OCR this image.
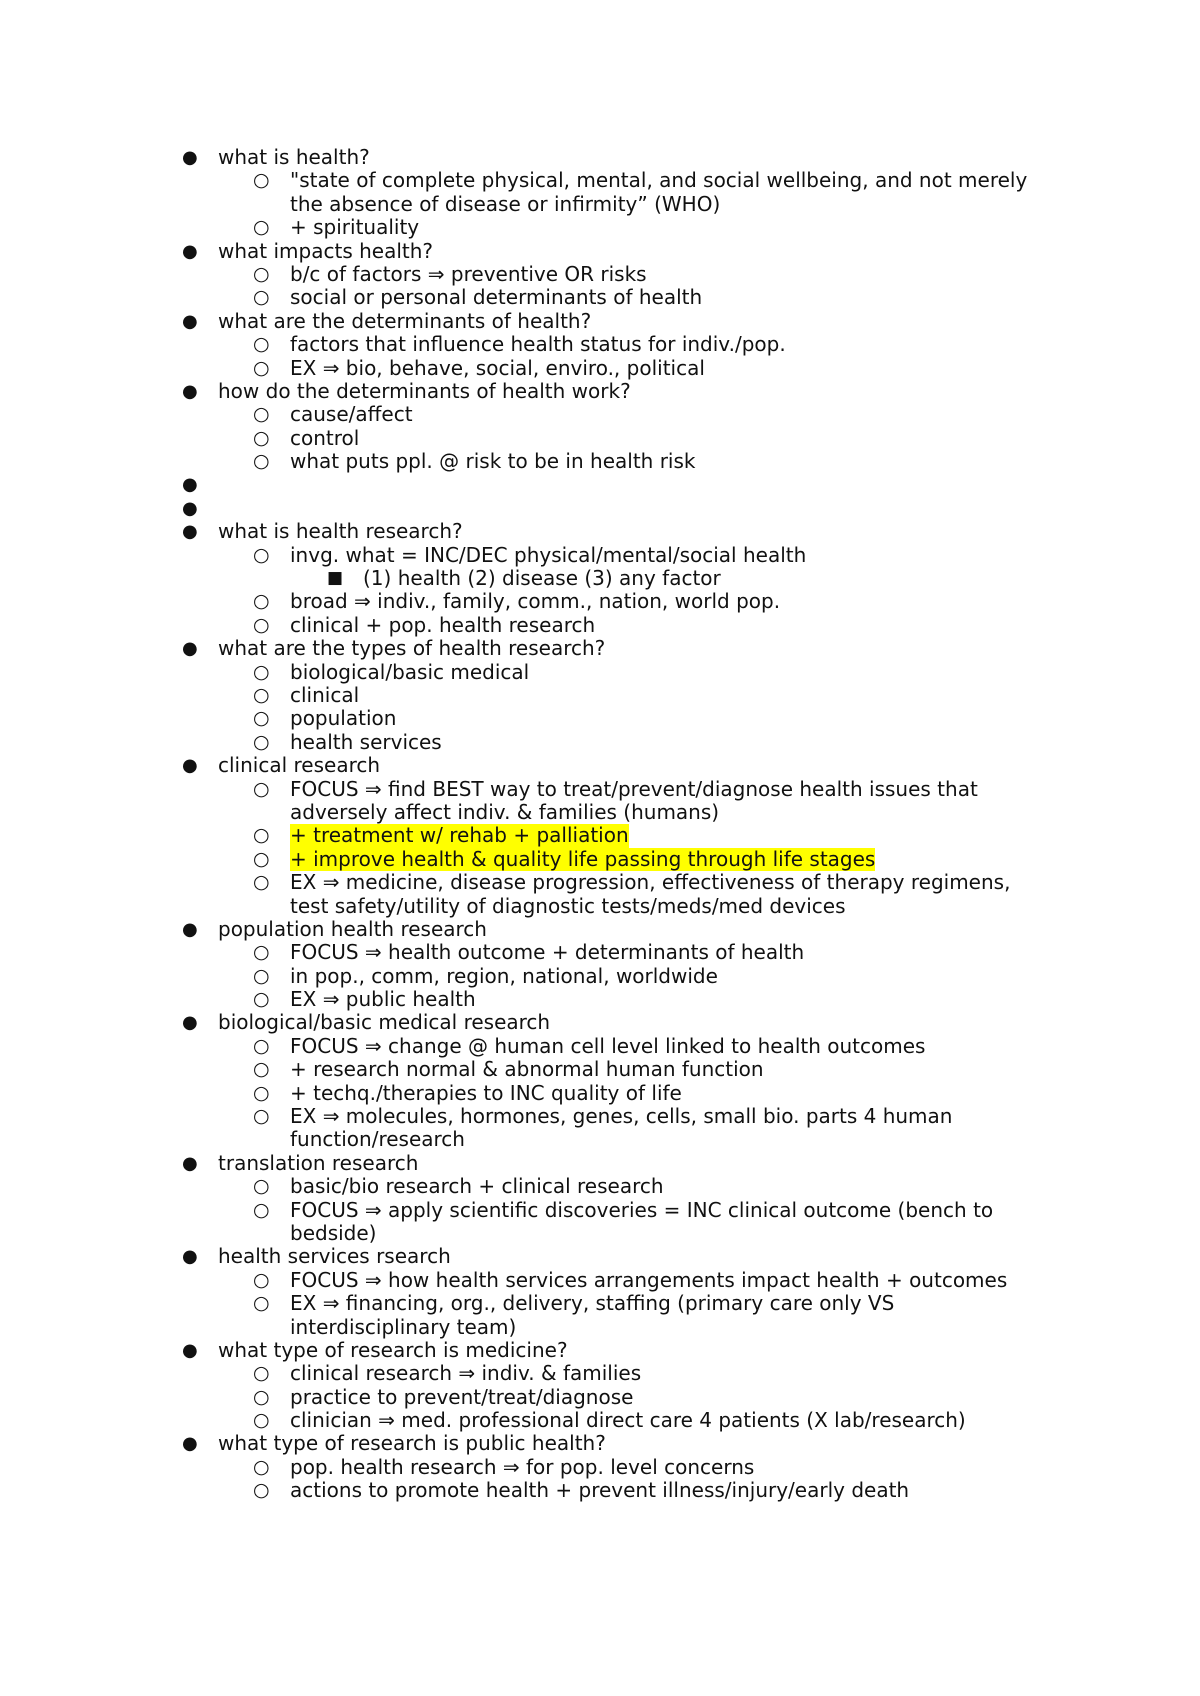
● what is health?
○ "state of complete physical, mental, and social wellbeing, and not merely
the absence of disease or infirmity” (WHO)
○ + spirituality
● what impacts health?
○ b/c of factors ⇒ preventive OR risks
○ social or personal determinants of health
● what are the determinants of health?
○ factors that influence health status for indiv./pop.
○ EX ⇒ bio, behave, social, enviro., political
● how do the determinants of health work?
○ cause/affect
○ control
○ what puts ppl. @ risk to be in health risk
●
●
● what is health research?
○ invg. what = INC/DEC physical/mental/social health
■ (1) health (2) disease (3) any factor
○ broad ⇒ indiv., family, comm., nation, world pop.
○ clinical + pop. health research
● what are the types of health research?
○ biological/basic medical
○ clinical
○ population
○ health services
● clinical research
○ FOCUS ⇒ find BEST way to treat/prevent/diagnose health issues that
adversely affect indiv. & families (humans)
○ + treatment w/ rehab + palliation
○ + improve health & quality life passing through life stages
○ EX ⇒ medicine, disease progression, effectiveness of therapy regimens,
test safety/utility of diagnostic tests/meds/med devices
● population health research
○ FOCUS ⇒ health outcome + determinants of health
○ in pop., comm, region, national, worldwide
○ EX ⇒ public health
● biological/basic medical research
○ FOCUS ⇒ change @ human cell level linked to health outcomes
○ + research normal & abnormal human function
○ + techq./therapies to INC quality of life
○ EX ⇒ molecules, hormones, genes, cells, small bio. parts 4 human
function/research
● translation research
○ basic/bio research + clinical research
○ FOCUS ⇒ apply scientific discoveries = INC clinical outcome (bench to
bedside)
● health services rsearch
○ FOCUS ⇒ how health services arrangements impact health + outcomes
○ EX ⇒ financing, org., delivery, staffing (primary care only VS
interdisciplinary team)
● what type of research is medicine?
○ clinical research ⇒ indiv. & families
○ practice to prevent/treat/diagnose
○ clinician ⇒ med. professional direct care 4 patients (X lab/research)
● what type of research is public health?
○ pop. health research ⇒ for pop. level concerns
○ actions to promote health + prevent illness/injury/early death
